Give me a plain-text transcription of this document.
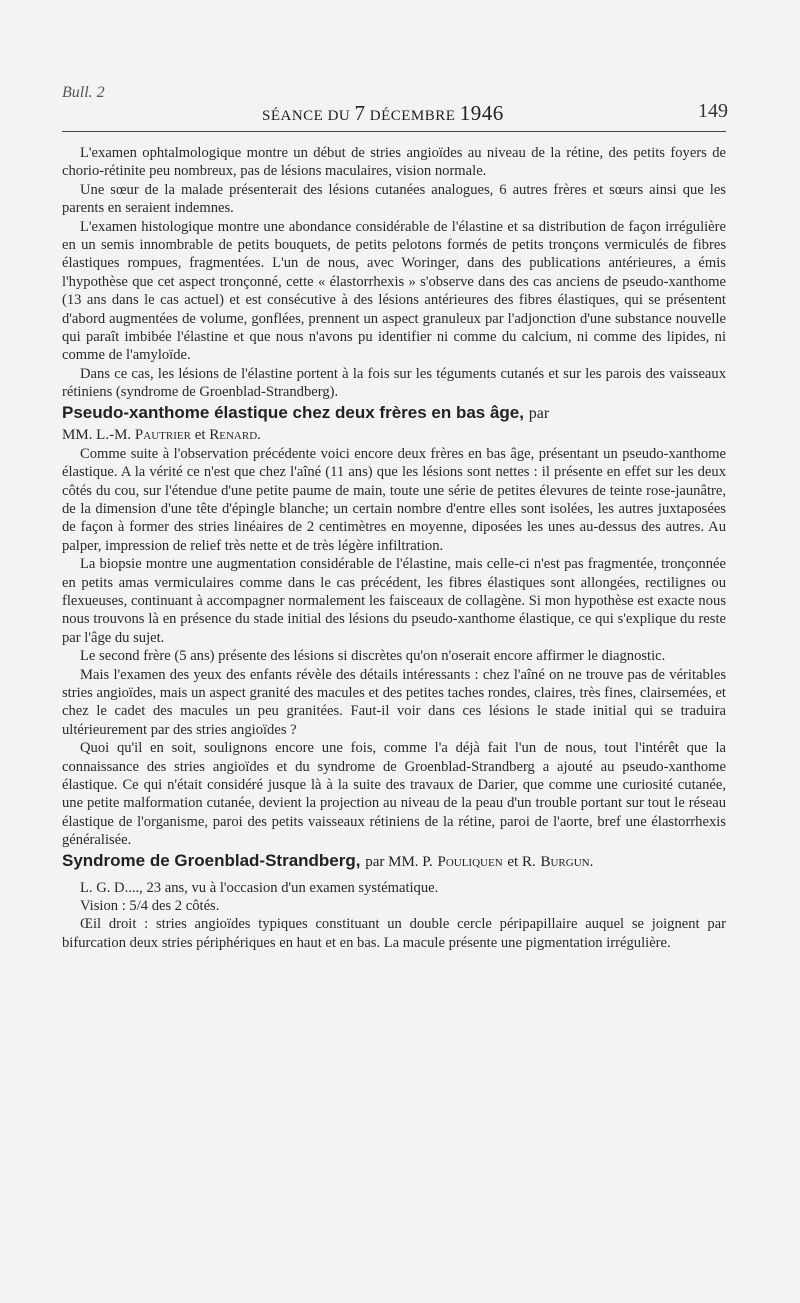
Bull. 2
SÉANCE DU 7 DÉCEMBRE 1946	149

L'examen ophtalmologique montre un début de stries angioïdes au niveau de la rétine, des petits foyers de chorio-rétinite peu nombreux, pas de lésions maculaires, vision normale.

Une sœur de la malade présenterait des lésions cutanées analogues, 6 autres frères et sœurs ainsi que les parents en seraient indemnes.

L'examen histologique montre une abondance considérable de l'élastine et sa distribution de façon irrégulière en un semis innombrable de petits bouquets, de petits pelotons formés de petits tronçons vermiculés de fibres élastiques rompues, fragmentées. L'un de nous, avec Woringer, dans des publications antérieures, a émis l'hypothèse que cet aspect tronçonné, cette « élastorrhexis » s'observe dans des cas anciens de pseudo-xanthome (13 ans dans le cas actuel) et est consécutive à des lésions antérieures des fibres élastiques, qui se présentent d'abord augmentées de volume, gonflées, prennent un aspect granuleux par l'adjonction d'une substance nouvelle qui paraît imbibée l'élastine et que nous n'avons pu identifier ni comme du calcium, ni comme des lipides, ni comme de l'amyloïde.

Dans ce cas, les lésions de l'élastine portent à la fois sur les téguments cutanés et sur les parois des vaisseaux rétiniens (syndrome de Groenblad-Strandberg).

Pseudo-xanthome élastique chez deux frères en bas âge, par

MM. L.-M. Pautrier et Renard.

Comme suite à l'observation précédente voici encore deux frères en bas âge, présentant un pseudo-xanthome élastique. A la vérité ce n'est que chez l'aîné (11 ans) que les lésions sont nettes : il présente en effet sur les deux côtés du cou, sur l'étendue d'une petite paume de main, toute une série de petites élevures de teinte rose-jaunâtre, de la dimension d'une tête d'épingle blanche; un certain nombre d'entre elles sont isolées, les autres juxtaposées de façon à former des stries linéaires de 2 centimètres en moyenne, diposées les unes au-dessus des autres. Au palper, impression de relief très nette et de très légère infiltration.

La biopsie montre une augmentation considérable de l'élastine, mais celle-ci n'est pas fragmentée, tronçonnée en petits amas vermiculaires comme dans le cas précédent, les fibres élastiques sont allongées, rectilignes ou flexueuses, continuant à accompagner normalement les faisceaux de collagène. Si mon hypothèse est exacte nous nous trouvons là en présence du stade initial des lésions du pseudo-xanthome élastique, ce qui s'explique du reste par l'âge du sujet.

Le second frère (5 ans) présente des lésions si discrètes qu'on n'oserait encore affirmer le diagnostic.

Mais l'examen des yeux des enfants révèle des détails intéressants : chez l'aîné on ne trouve pas de véritables stries angioïdes, mais un aspect granité des macules et des petites taches rondes, claires, très fines, clairsemées, et chez le cadet des macules un peu granitées. Faut-il voir dans ces lésions le stade initial qui se traduira ultérieurement par des stries angioïdes ?

Quoi qu'il en soit, soulignons encore une fois, comme l'a déjà fait l'un de nous, tout l'intérêt que la connaissance des stries angioïdes et du syndrome de Groenblad-Strandberg a ajouté au pseudo-xanthome élastique. Ce qui n'était considéré jusque là à la suite des travaux de Darier, que comme une curiosité cutanée, une petite malformation cutanée, devient la projection au niveau de la peau d'un trouble portant sur tout le réseau élastique de l'organisme, paroi des petits vaisseaux rétiniens de la rétine, paroi de l'aorte, bref une élastorrhexis généralisée.

Syndrome de Groenblad-Strandberg, par MM. P. Pouliquen et R. Burgun.

L. G. D...., 23 ans, vu à l'occasion d'un examen systématique.

Vision : 5/4 des 2 côtés.

Œil droit : stries angioïdes typiques constituant un double cercle péripapillaire auquel se joignent par bifurcation deux stries périphériques en haut et en bas. La macule présente une pigmentation irrégulière.
